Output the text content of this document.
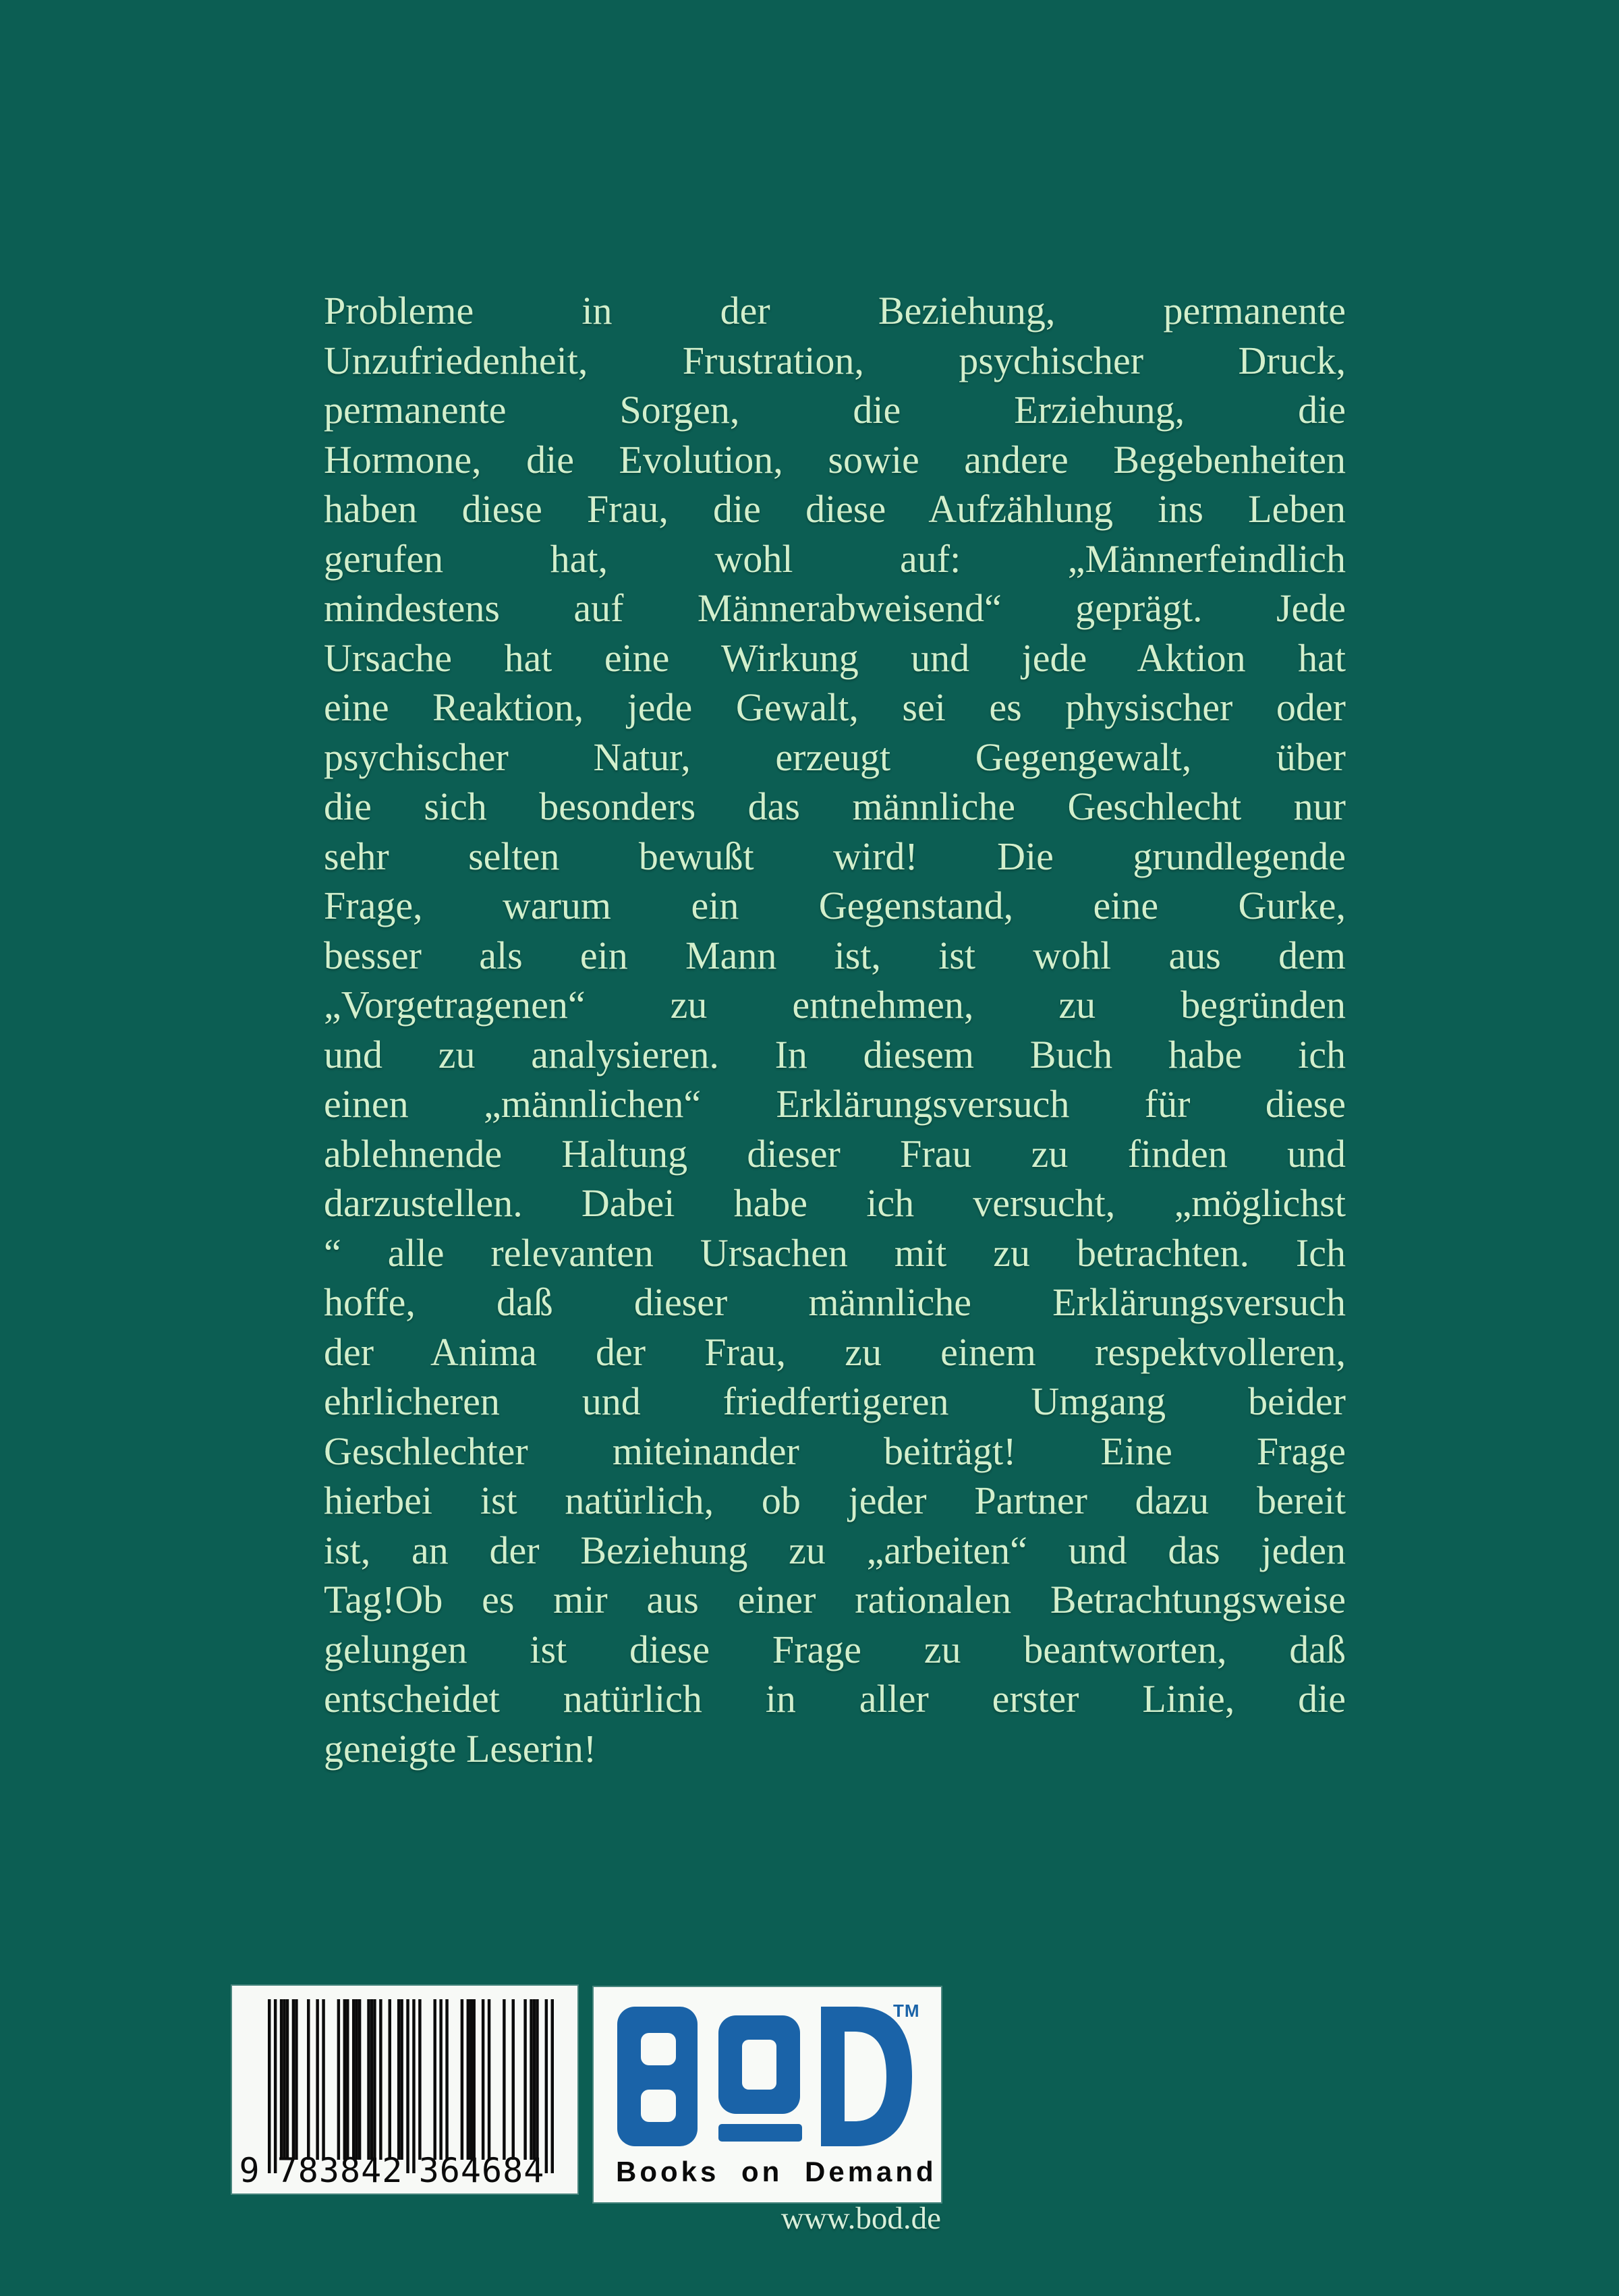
Probleme in der Beziehung, permanente
Unzufriedenheit, Frustration, psychischer Druck,
permanente Sorgen, die Erziehung, die
Hormone, die Evolution, sowie andere Begebenheiten
haben diese Frau, die diese Aufzählung ins Leben
gerufen hat, wohl auf: „Männerfeindlich
mindestens auf Männerabweisend“ geprägt. Jede
Ursache hat eine Wirkung und jede Aktion hat
eine Reaktion, jede Gewalt, sei es physischer oder
psychischer Natur, erzeugt Gegengewalt, über
die sich besonders das männliche Geschlecht nur
sehr selten bewußt wird! Die grundlegende
Frage, warum ein Gegenstand, eine Gurke,
besser als ein Mann ist, ist wohl aus dem
„Vorgetragenen“ zu entnehmen, zu begründen
und zu analysieren. In diesem Buch habe ich
einen „männlichen“ Erklärungsversuch für diese
ablehnende Haltung dieser Frau zu finden und
darzustellen. Dabei habe ich versucht, „möglichst
“ alle relevanten Ursachen mit zu betrachten. Ich
hoffe, daß dieser männliche Erklärungsversuch
der Anima der Frau, zu einem respektvolleren,
ehrlicheren und friedfertigeren Umgang beider
Geschlechter miteinander beiträgt! Eine Frage
hierbei ist natürlich, ob jeder Partner dazu bereit
ist, an der Beziehung zu „arbeiten“ und das jeden
Tag!Ob es mir aus einer rationalen Betrachtungsweise
gelungen ist diese Frage zu beantworten, daß
entscheidet natürlich in aller erster Linie, die
geneigte Leserin!
9 783842 364684
TM
Books on Demand
www.bod.de
